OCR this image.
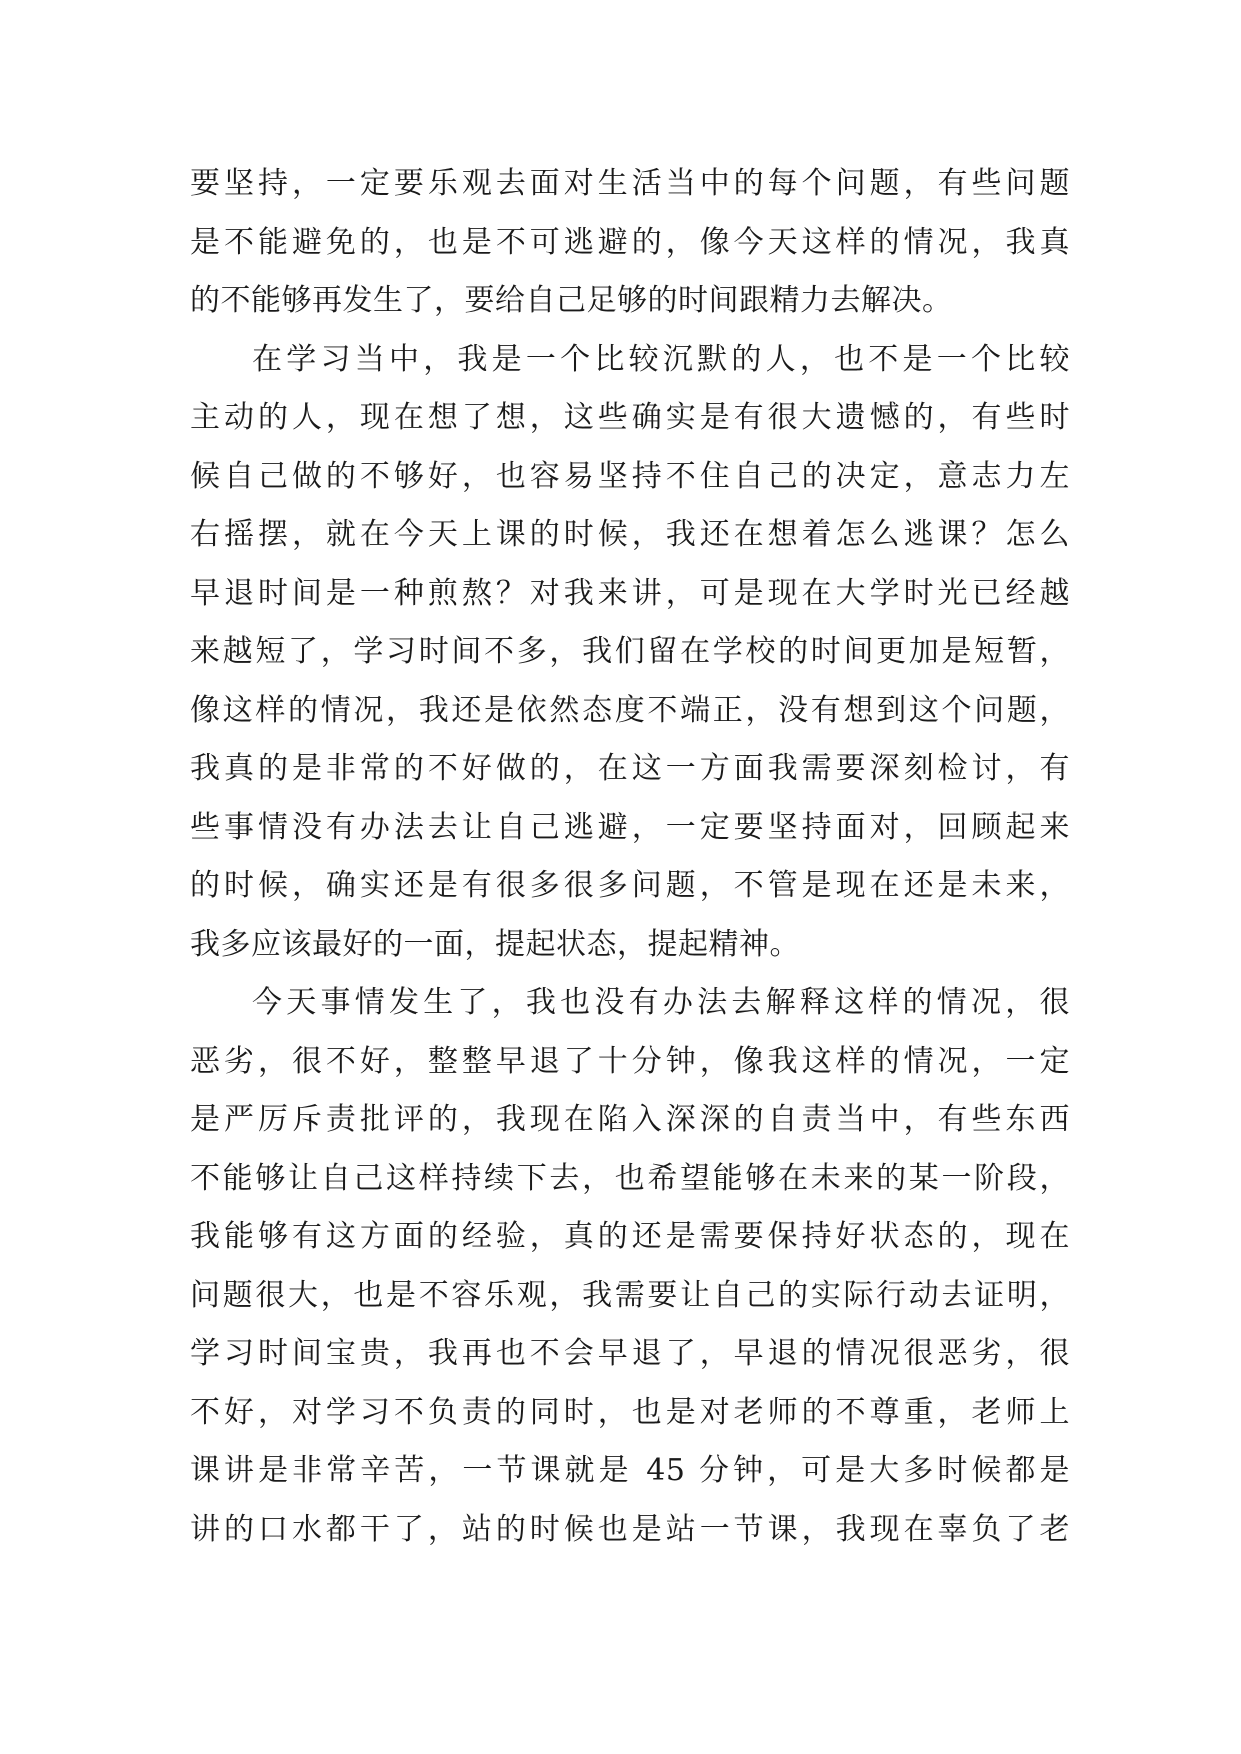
要坚持，一定要乐观去面对生活当中的每个问题，有些问题
是不能避免的，也是不可逃避的，像今天这样的情况，我真
的不能够再发生了，要给自己足够的时间跟精力去解决。
在学习当中，我是一个比较沉默的人，也不是一个比较
主动的人，现在想了想，这些确实是有很大遗憾的，有些时
候自己做的不够好，也容易坚持不住自己的决定，意志力左
右摇摆，就在今天上课的时候，我还在想着怎么逃课？怎么
早退时间是一种煎熬？对我来讲，可是现在大学时光已经越
来越短了，学习时间不多，我们留在学校的时间更加是短暂，
像这样的情况，我还是依然态度不端正，没有想到这个问题，
我真的是非常的不好做的，在这一方面我需要深刻检讨，有
些事情没有办法去让自己逃避，一定要坚持面对，回顾起来
的时候，确实还是有很多很多问题，不管是现在还是未来，
我多应该最好的一面，提起状态，提起精神。
今天事情发生了，我也没有办法去解释这样的情况，很
恶劣，很不好，整整早退了十分钟，像我这样的情况，一定
是严厉斥责批评的，我现在陷入深深的自责当中，有些东西
不能够让自己这样持续下去，也希望能够在未来的某一阶段，
我能够有这方面的经验，真的还是需要保持好状态的，现在
问题很大，也是不容乐观，我需要让自己的实际行动去证明，
学习时间宝贵，我再也不会早退了，早退的情况很恶劣，很
不好，对学习不负责的同时，也是对老师的不尊重，老师上
课讲是非常辛苦，一节课就是 45 分钟，可是大多时候都是
讲的口水都干了，站的时候也是站一节课，我现在辜负了老
